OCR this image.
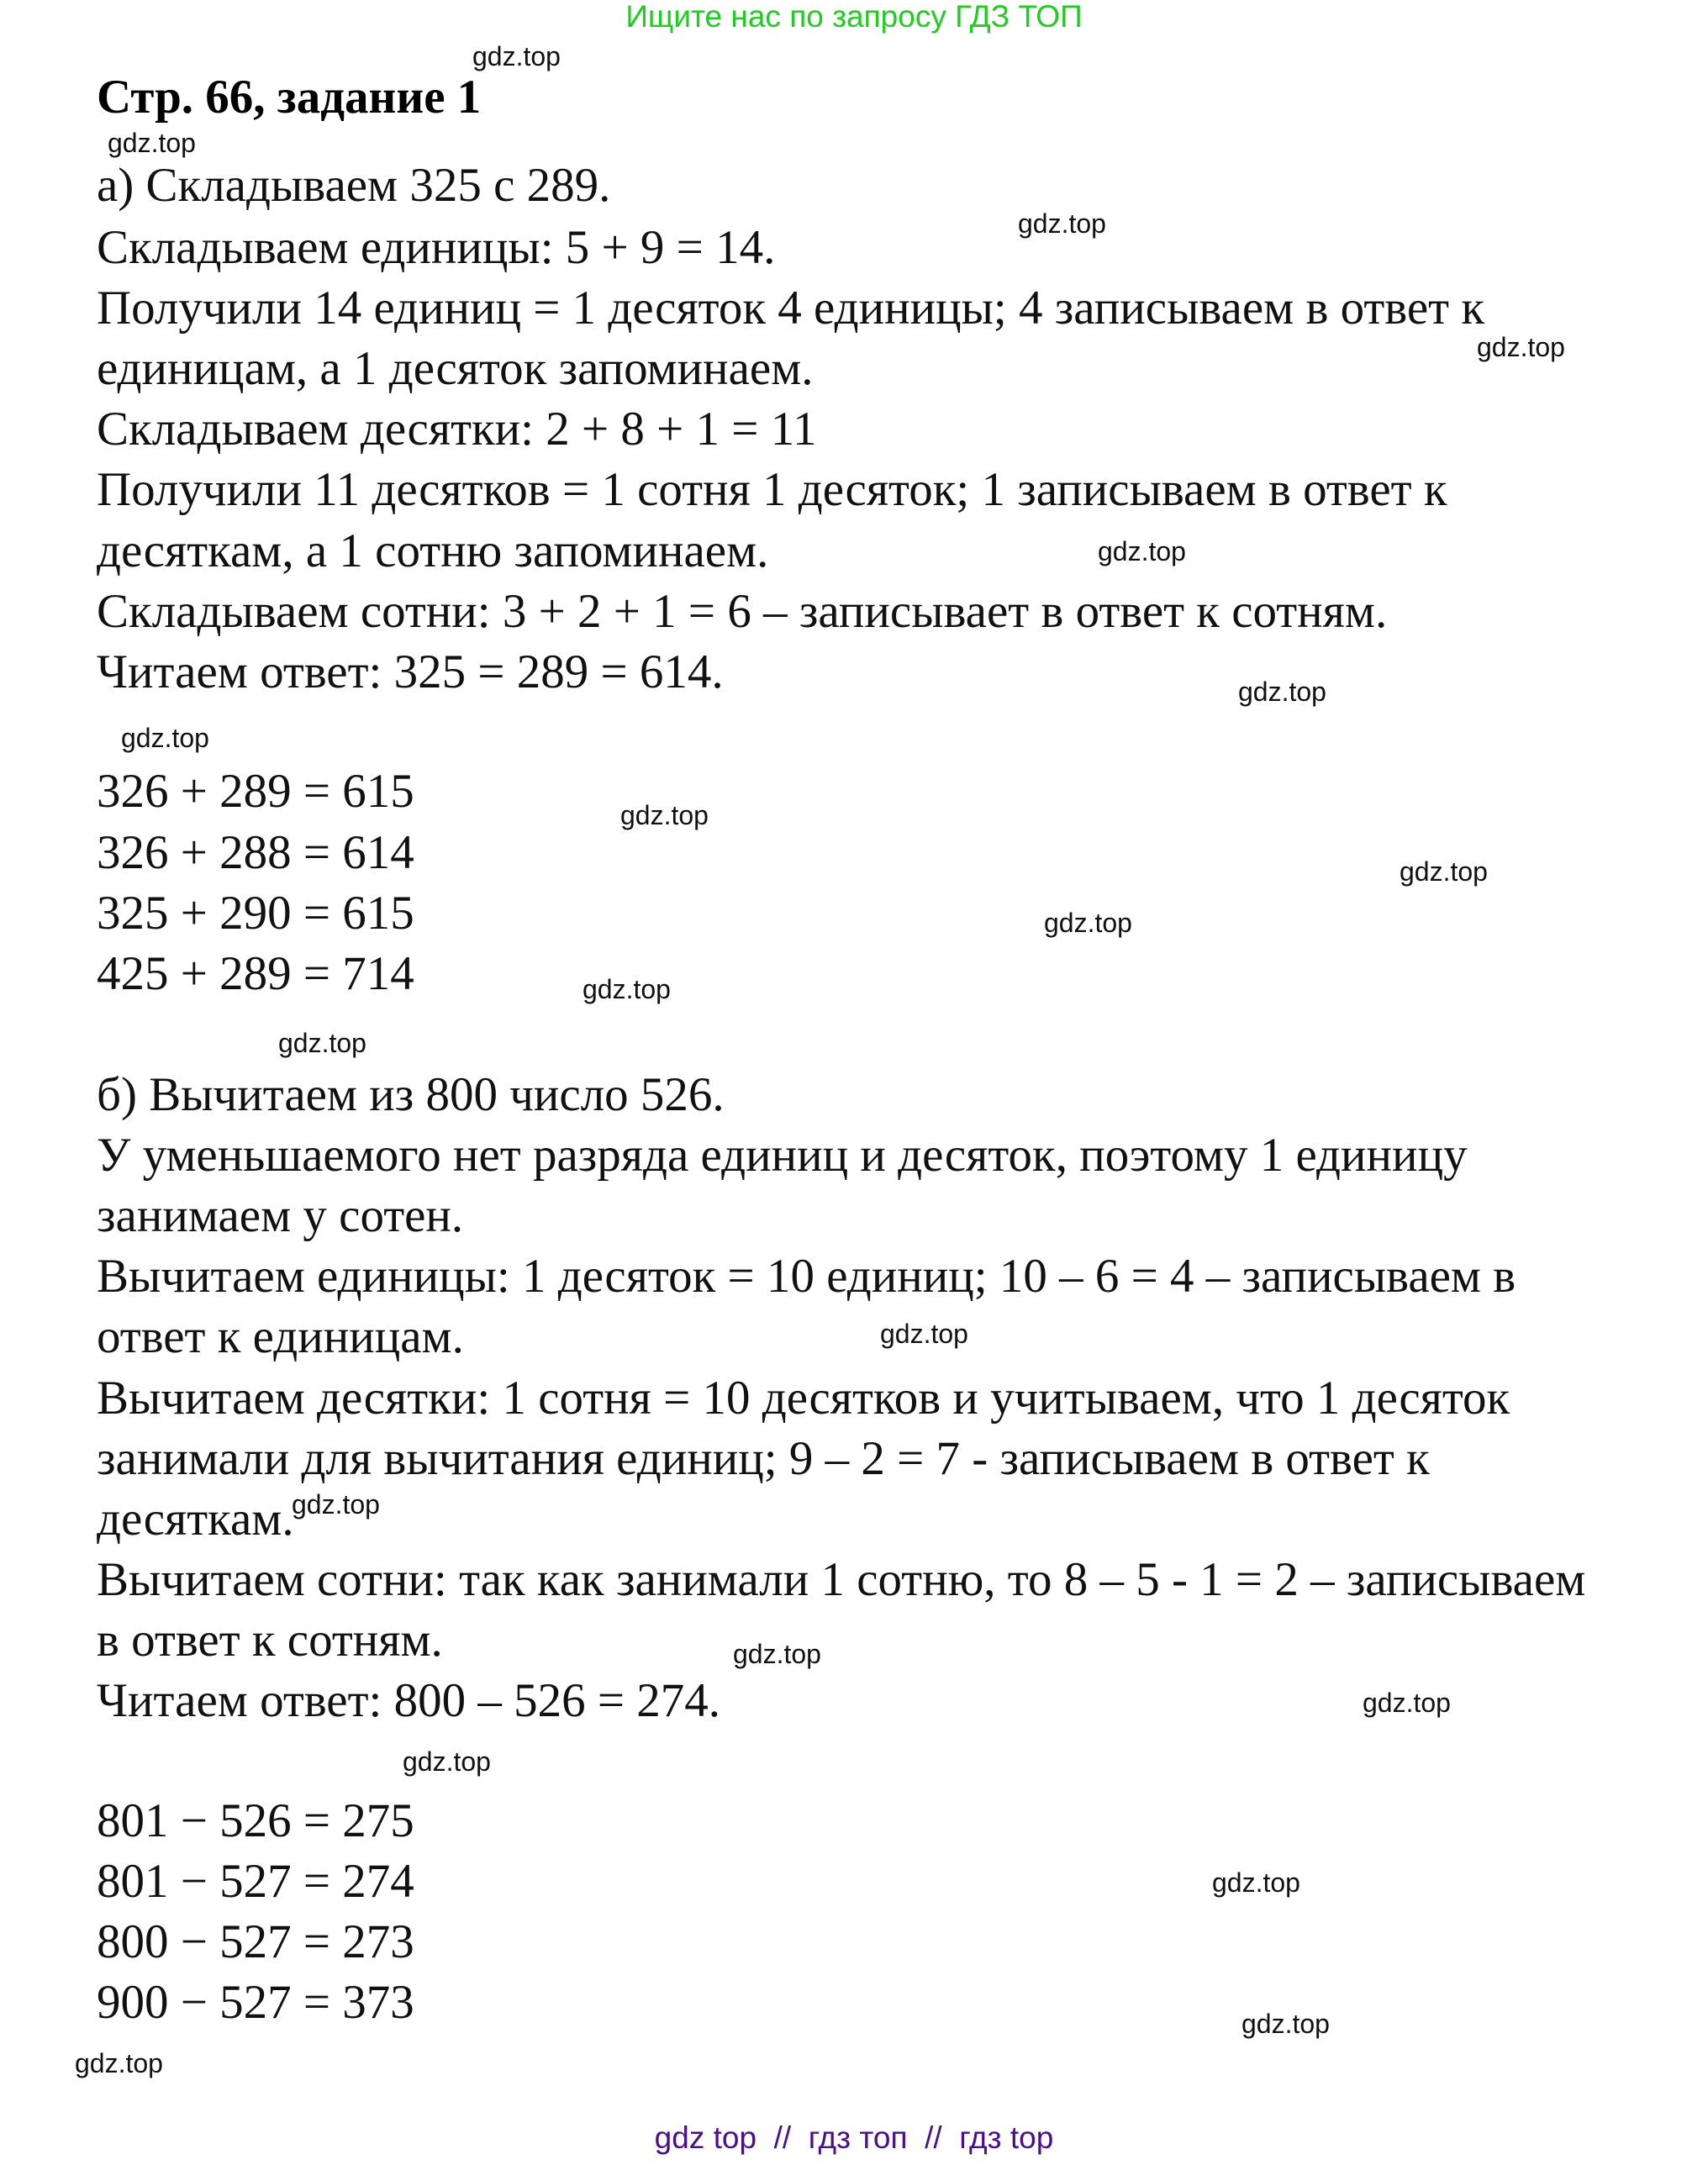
Ищите нас по запросу ГДЗ ТОП
Стр. 66, задание 1
а) Складываем 325 с 289.
Складываем единицы: 5 + 9 = 14.
Получили 14 единиц = 1 десяток 4 единицы; 4 записываем в ответ к
единицам, а 1 десяток запоминаем.
Складываем десятки: 2 + 8 + 1 = 11
Получили 11 десятков = 1 сотня 1 десяток; 1 записываем в ответ к
десяткам, а 1 сотню запоминаем.
Складываем сотни: 3 + 2 + 1 = 6 – записывает в ответ к сотням.
Читаем ответ: 325 = 289 = 614.
326 + 289 = 615
326 + 288 = 614
325 + 290 = 615
425 + 289 = 714
б) Вычитаем из 800 число 526.
У уменьшаемого нет разряда единиц и десяток, поэтому 1 единицу
занимаем у сотен.
Вычитаем единицы: 1 десяток = 10 единиц; 10 – 6 = 4 – записываем в
ответ к единицам.
Вычитаем десятки: 1 сотня = 10 десятков и учитываем, что 1 десяток
занимали для вычитания единиц; 9 – 2 = 7 - записываем в ответ к
десяткам.
Вычитаем сотни: так как занимали 1 сотню, то 8 – 5 - 1 = 2 – записываем
в ответ к сотням.
Читаем ответ: 800 – 526 = 274.
801 − 526 = 275
801 − 527 = 274
800 − 527 = 273
900 − 527 = 373
gdz.top
gdz.top
gdz.top
gdz.top
gdz.top
gdz.top
gdz.top
gdz.top
gdz.top
gdz.top
gdz.top
gdz.top
gdz.top
gdz.top
gdz.top
gdz.top
gdz.top
gdz.top
gdz.top
gdz.top
gdz top  //  гдз топ  //  гдз top
